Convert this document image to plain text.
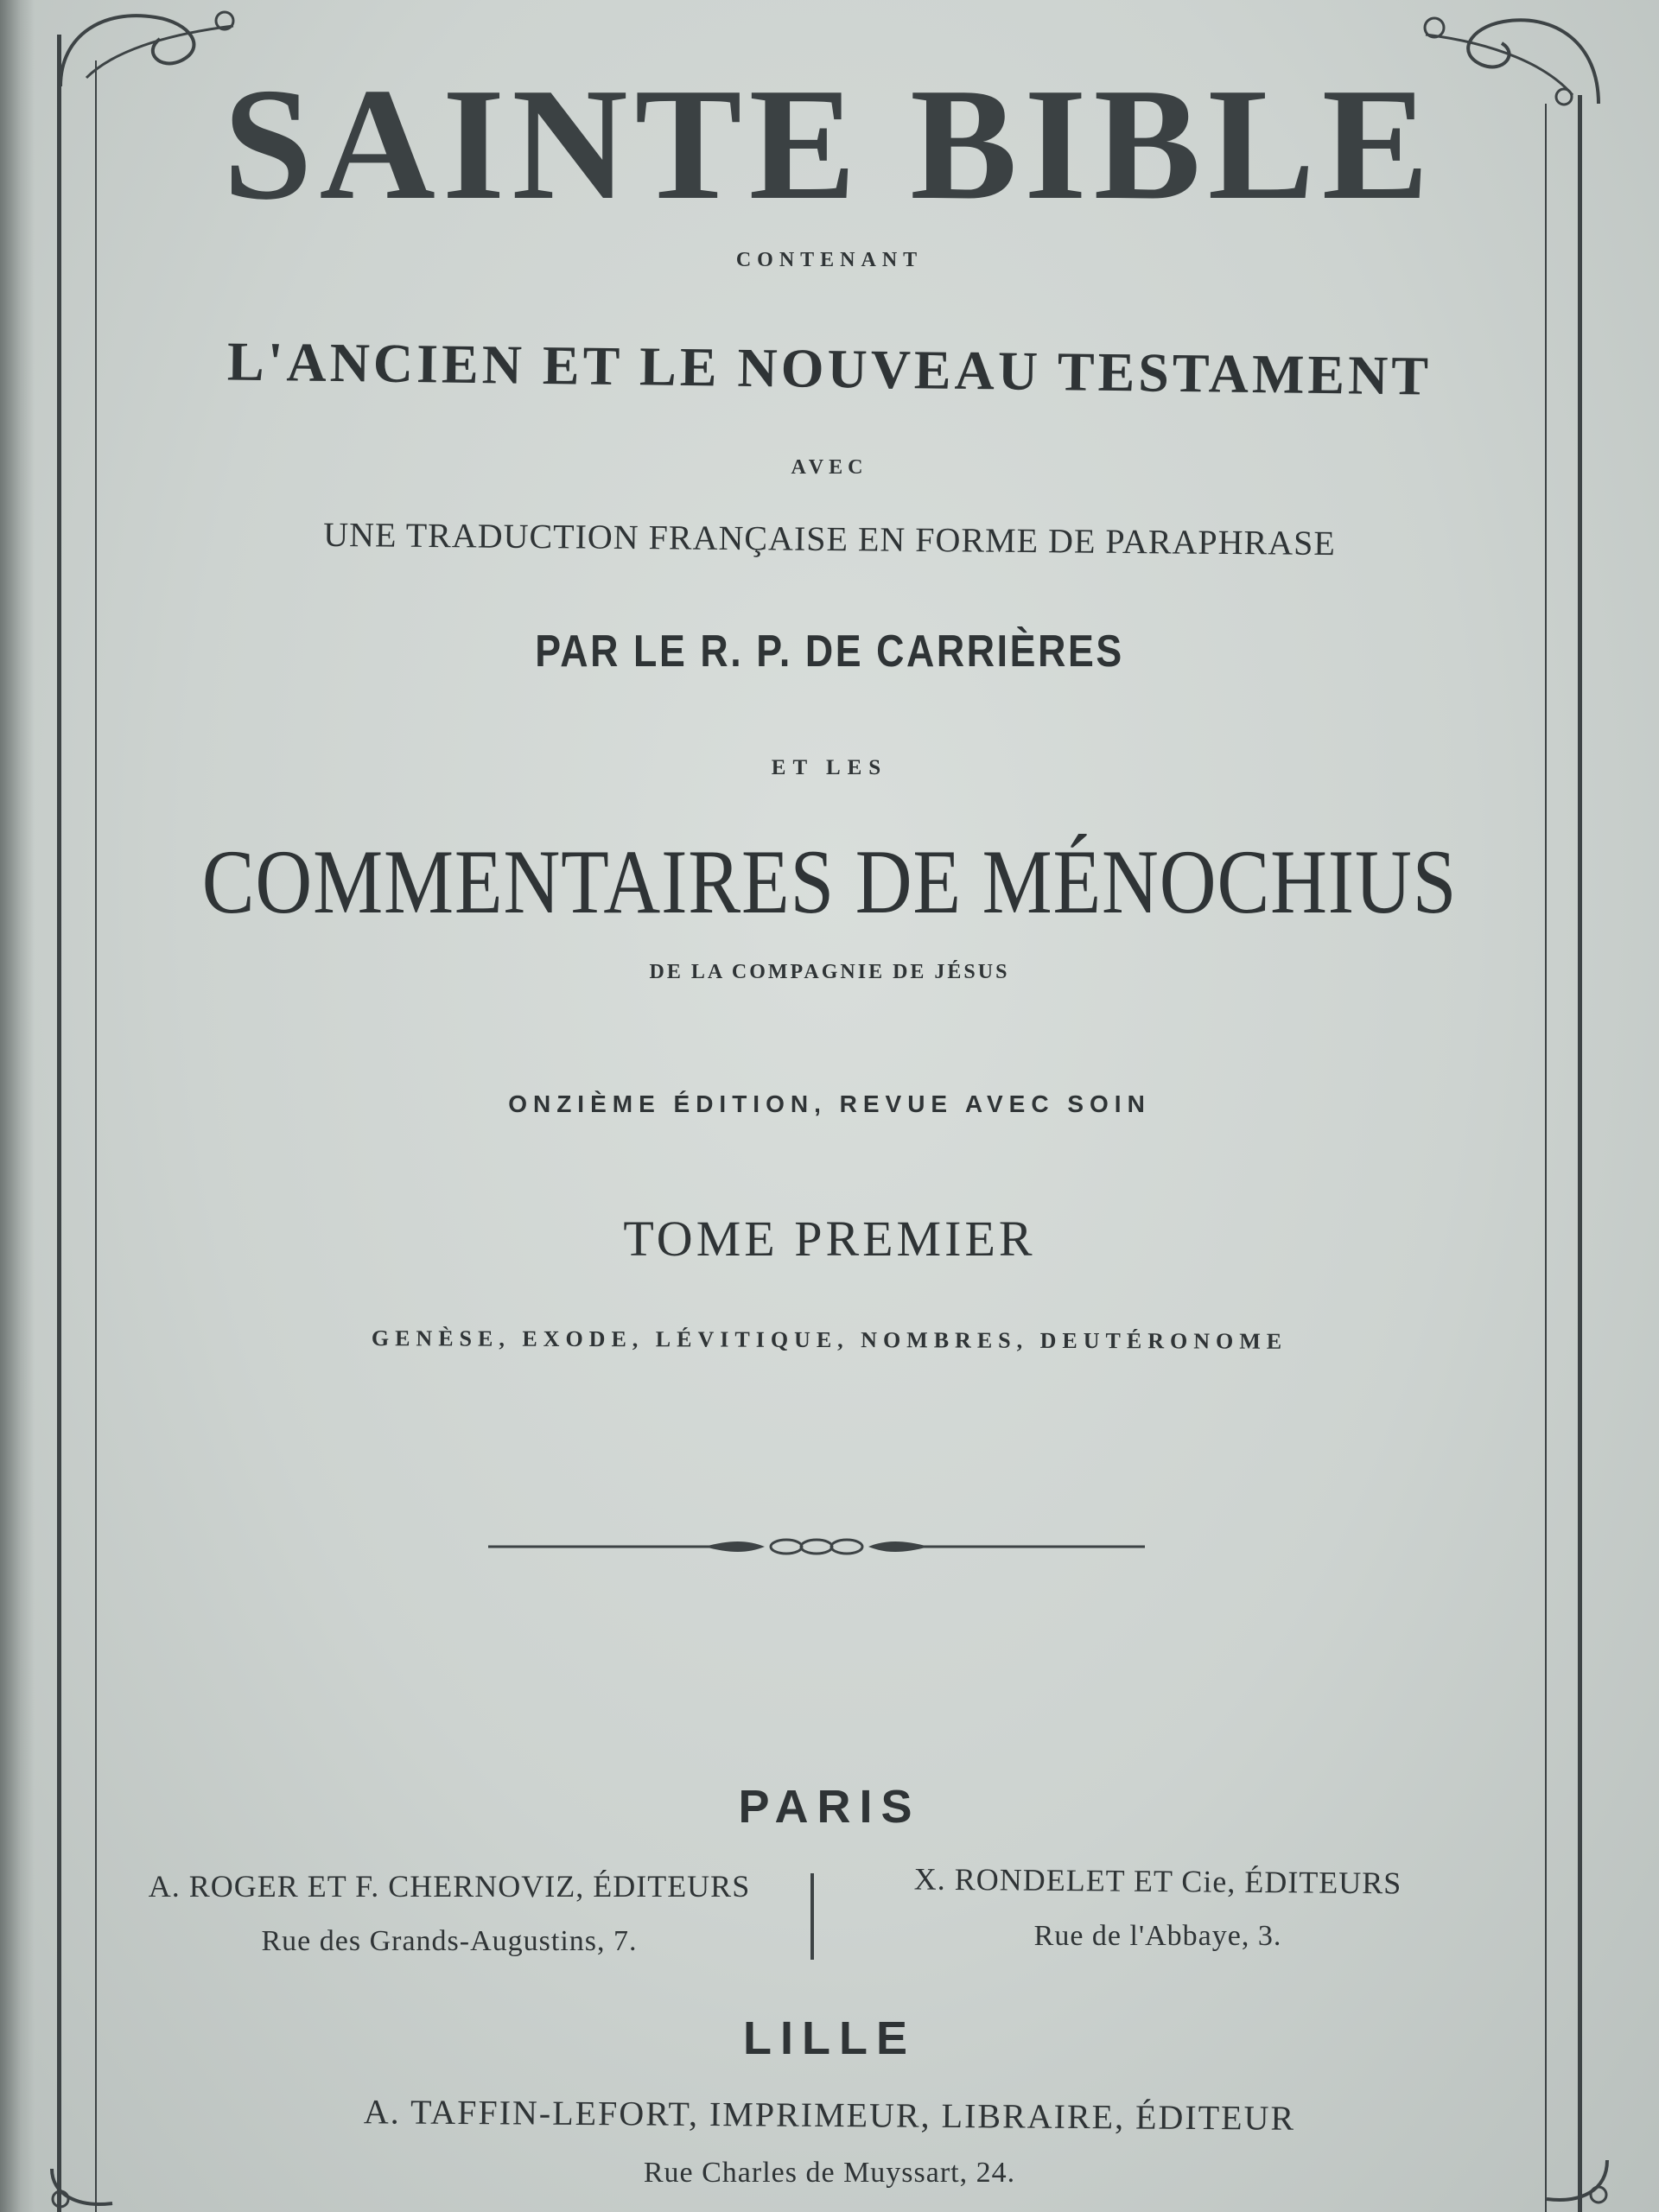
SAINTE BIBLE
CONTENANT
L'ANCIEN ET LE NOUVEAU TESTAMENT
AVEC
UNE TRADUCTION FRANÇAISE EN FORME DE PARAPHRASE
PAR LE R. P. DE CARRIÈRES
ET LES
COMMENTAIRES DE MÉNOCHIUS
DE LA COMPAGNIE DE JÉSUS
ONZIÈME ÉDITION, REVUE AVEC SOIN
TOME PREMIER
GENÈSE, EXODE, LÉVITIQUE, NOMBRES, DEUTÉRONOME
PARIS
A. ROGER ET F. CHERNOVIZ, ÉDITEURS
Rue des Grands-Augustins, 7.
X. RONDELET ET Cie, ÉDITEURS
Rue de l'Abbaye, 3.
LILLE
A. TAFFIN-LEFORT, IMPRIMEUR, LIBRAIRE, ÉDITEUR
Rue Charles de Muyssart, 24.
